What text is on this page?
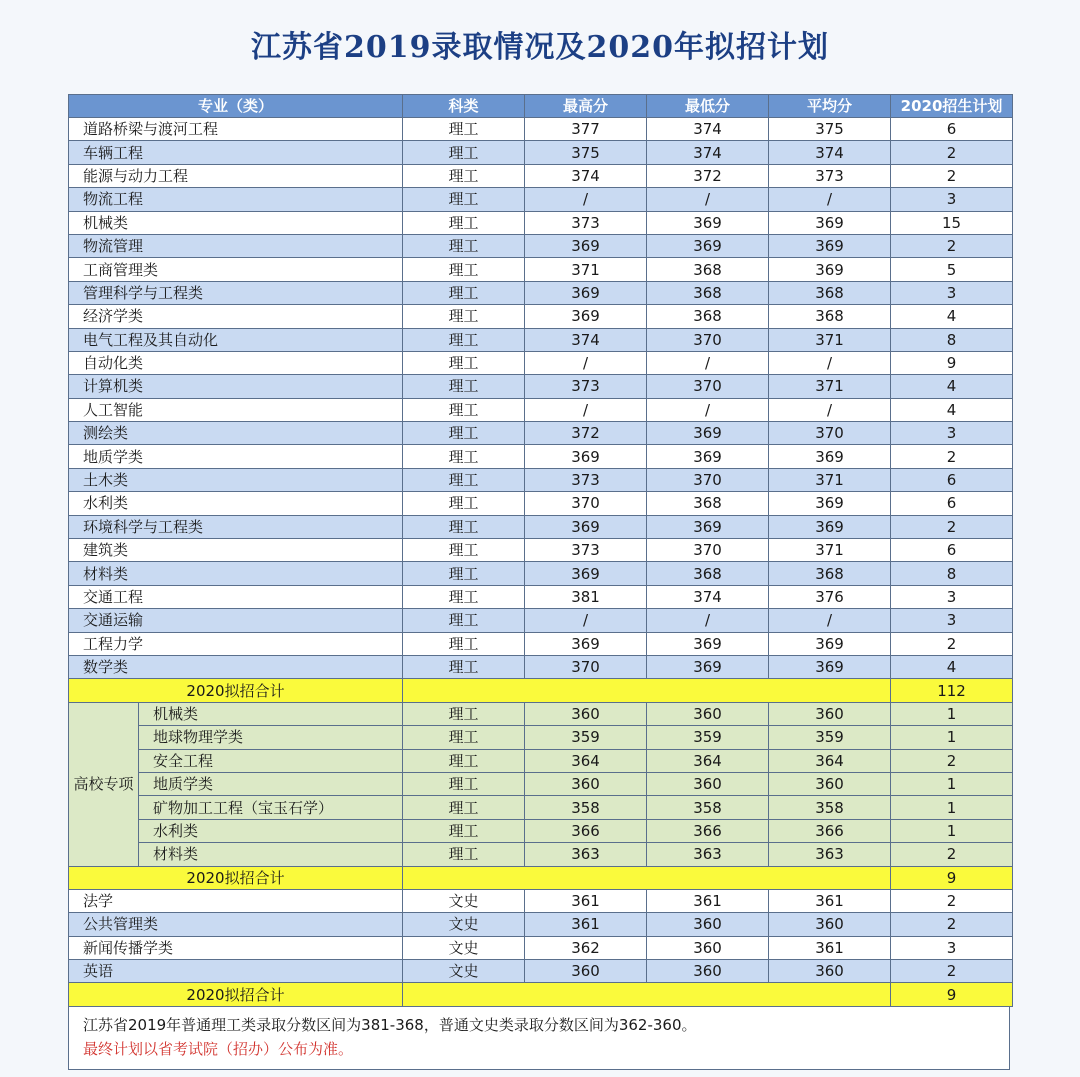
江苏省2019录取情况及2020年拟招计划
专业（类）		科类	最高分	最低分	平均分	2020招生计划
道路桥梁与渡河工程		理工	377	374	375	6
车辆工程		理工	375	374	374	2
能源与动力工程		理工	374	372	373	2
物流工程		理工	/	/	/	3
机械类		理工	373	369	369	15
物流管理		理工	369	369	369	2
工商管理类		理工	371	368	369	5
管理科学与工程类		理工	369	368	368	3
经济学类		理工	369	368	368	4
电气工程及其自动化		理工	374	370	371	8
自动化类		理工	/	/	/	9
计算机类		理工	373	370	371	4
人工智能		理工	/	/	/	4
测绘类		理工	372	369	370	3
地质学类		理工	369	369	369	2
土木类		理工	373	370	371	6
水利类		理工	370	368	369	6
环境科学与工程类		理工	369	369	369	2
建筑类		理工	373	370	371	6
材料类		理工	369	368	368	8
交通工程		理工	381	374	376	3
交通运输		理工	/	/	/	3
工程力学		理工	369	369	369	2
数学类		理工	370	369	369	4
2020拟招合计						112
高校专项	机械类	理工	360	360	360	1
	地球物理学类	理工	359	359	359	1
	安全工程	理工	364	364	364	2
	地质学类	理工	360	360	360	1
	矿物加工工程（宝玉石学）	理工	358	358	358	1
	水利类	理工	366	366	366	1
	材料类	理工	363	363	363	2
2020拟招合计						9
法学		文史	361	361	361	2
公共管理类		文史	361	360	360	2
新闻传播学类		文史	362	360	361	3
英语		文史	360	360	360	2
2020拟招合计						9
江苏省2019年普通理工类录取分数区间为381-368，普通文史类录取分数区间为362-360。
最终计划以省考试院（招办）公布为准。
